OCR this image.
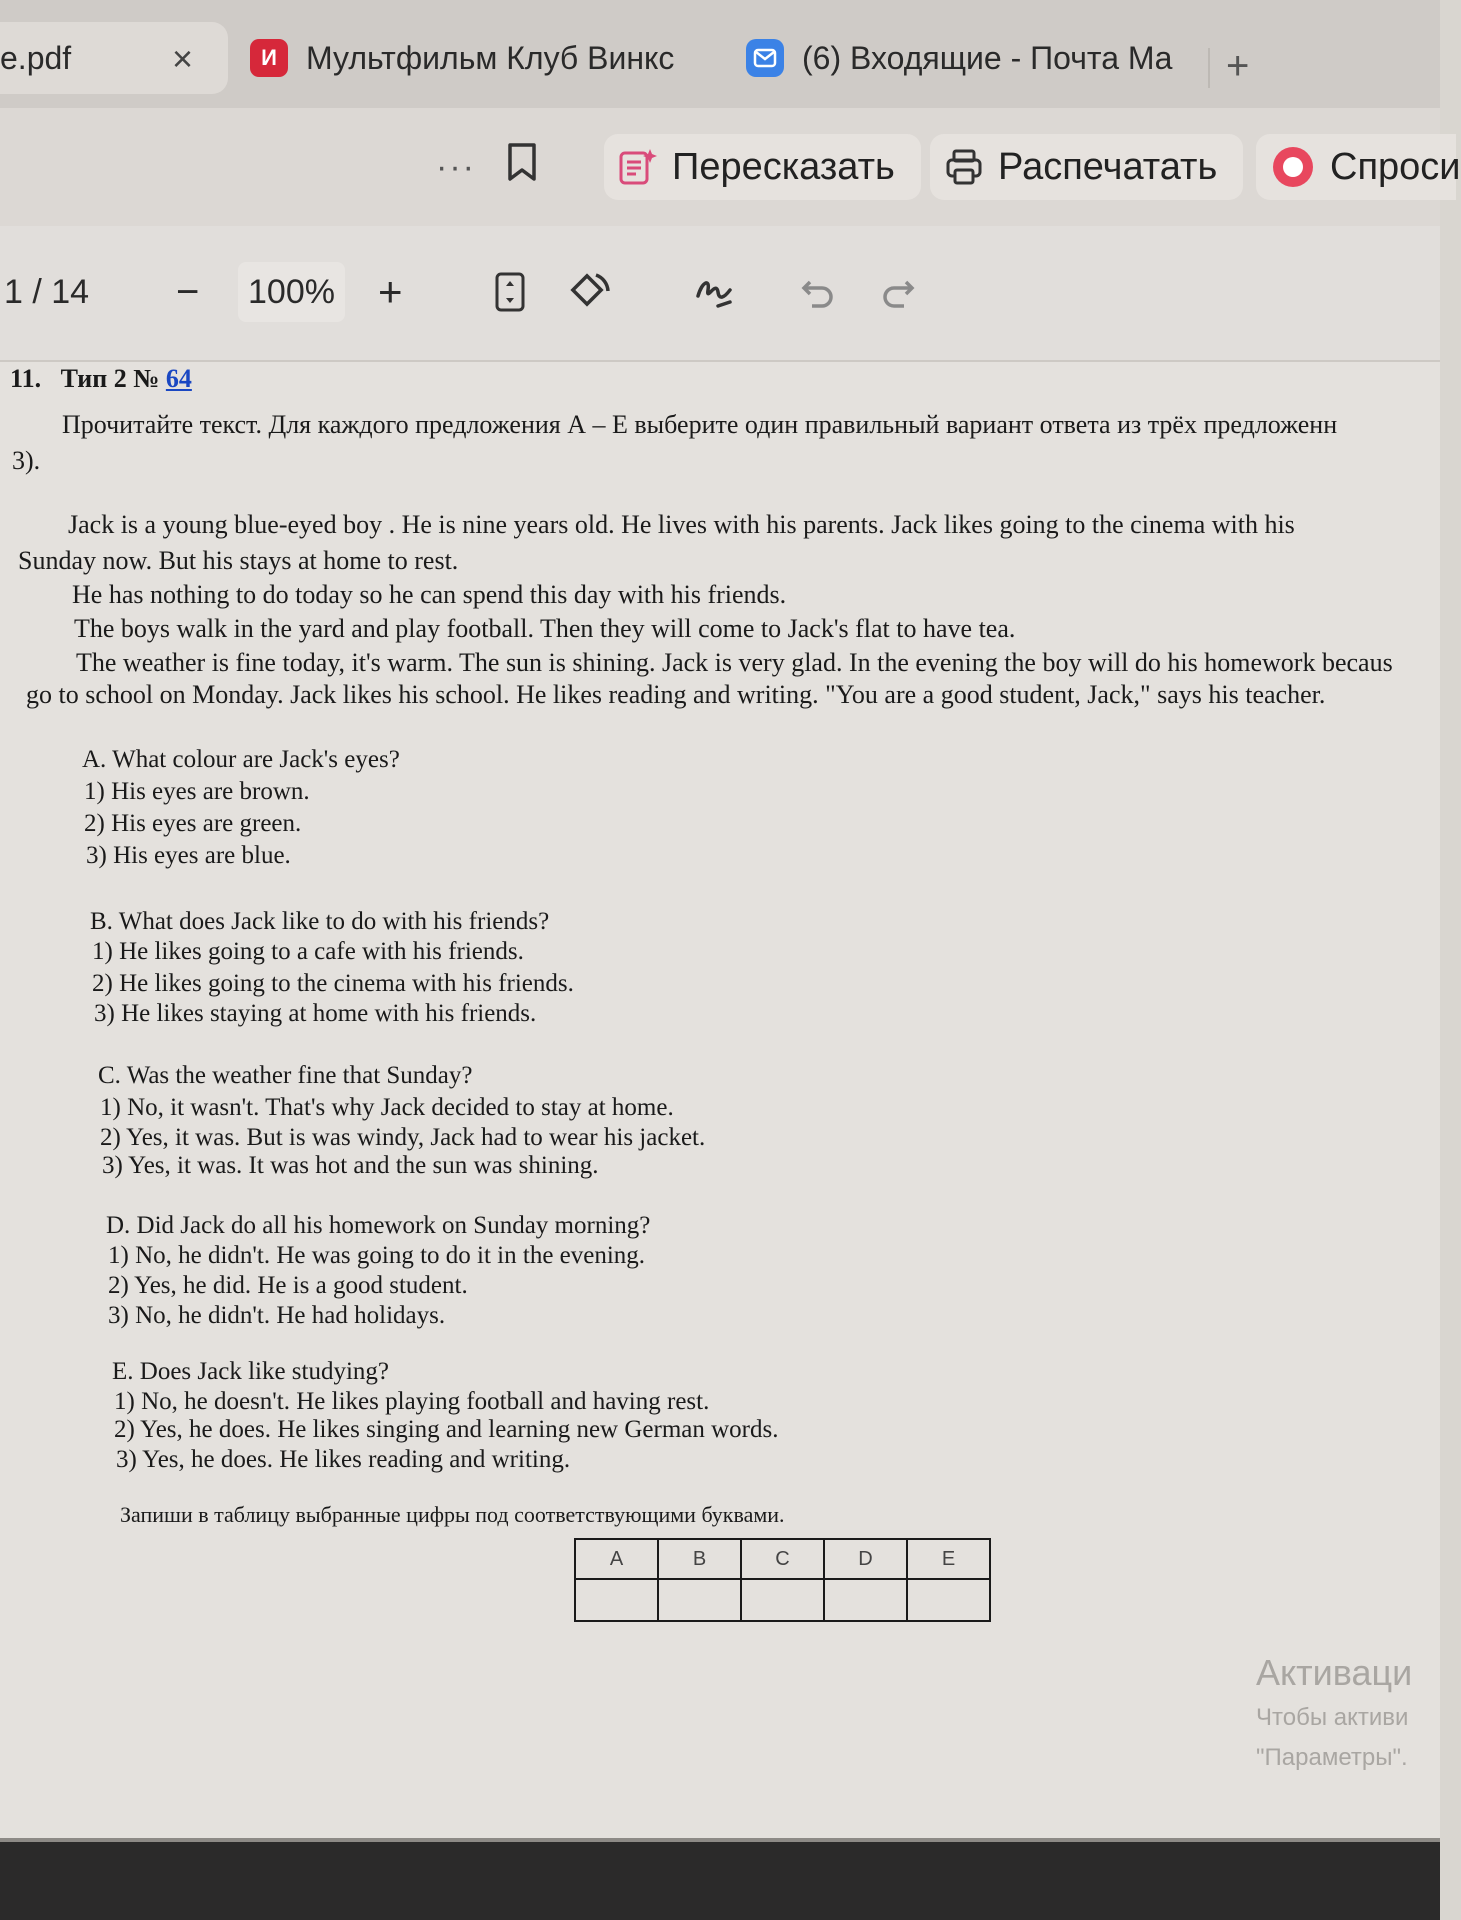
e.pdf	×	И Мультфильм Клуб Винкс	(6) Входящие - Почта Ma +
···	Пересказать	Распечатать	Спроси
1 / 14 − 100% +
11. Тип 2 № 64
Прочитайте текст. Для каждого предложения А – Е выберите один правильный вариант ответа из трёх предложенн
3).
Jack is a young blue-eyed boy . He is nine years old. He lives with his parents. Jack likes going to the cinema with his
Sunday now. But his stays at home to rest.
He has nothing to do today so he can spend this day with his friends.
The boys walk in the yard and play football. Then they will come to Jack's flat to have tea.
The weather is fine today, it's warm. The sun is shining. Jack is very glad. In the evening the boy will do his homework becaus
go to school on Monday. Jack likes his school. He likes reading and writing. "You are a good student, Jack," says his teacher.
A. What colour are Jack's eyes?
1) His eyes are brown.
2) His eyes are green.
3) His eyes are blue.
B. What does Jack like to do with his friends?
1) He likes going to a cafe with his friends.
2) He likes going to the cinema with his friends.
3) He likes staying at home with his friends.
C. Was the weather fine that Sunday?
1) No, it wasn't. That's why Jack decided to stay at home.
2) Yes, it was. But is was windy, Jack had to wear his jacket.
3) Yes, it was. It was hot and the sun was shining.
D. Did Jack do all his homework on Sunday morning?
1) No, he didn't. He was going to do it in the evening.
2) Yes, he did. He is a good student.
3) No, he didn't. He had holidays.
E. Does Jack like studying?
1) No, he doesn't. He likes playing football and having rest.
2) Yes, he does. He likes singing and learning new German words.
3) Yes, he does. He likes reading and writing.
Запиши в таблицу выбранные цифры под соответствующими буквами.
A	B	C	D	E

Активаци
Чтобы активи
"Параметры".
